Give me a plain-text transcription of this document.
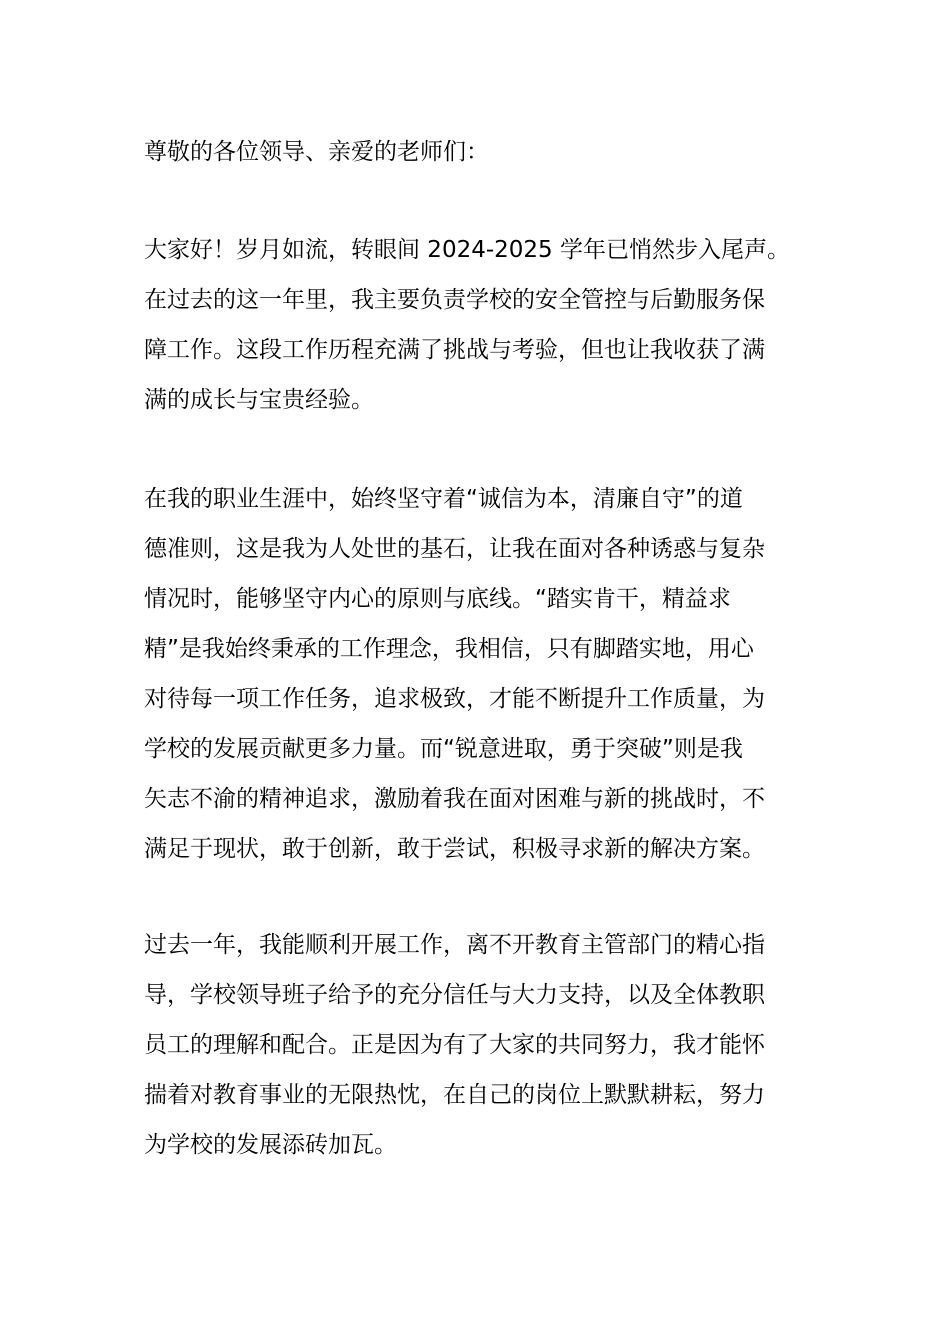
尊敬的各位领导、亲爱的老师们：
大家好！岁月如流，转眼间 2024-2025 学年已悄然步入尾声。
在过去的这一年里，我主要负责学校的安全管控与后勤服务保
障工作。这段工作历程充满了挑战与考验，但也让我收获了满
满的成长与宝贵经验。
在我的职业生涯中，始终坚守着“诚信为本，清廉自守”的道
德准则，这是我为人处世的基石，让我在面对各种诱惑与复杂
情况时，能够坚守内心的原则与底线。“踏实肯干，精益求
精”是我始终秉承的工作理念，我相信，只有脚踏实地，用心
对待每一项工作任务，追求极致，才能不断提升工作质量，为
学校的发展贡献更多力量。而“锐意进取，勇于突破”则是我
矢志不渝的精神追求，激励着我在面对困难与新的挑战时，不
满足于现状，敢于创新，敢于尝试，积极寻求新的解决方案。
过去一年，我能顺利开展工作，离不开教育主管部门的精心指
导，学校领导班子给予的充分信任与大力支持，以及全体教职
员工的理解和配合。正是因为有了大家的共同努力，我才能怀
揣着对教育事业的无限热忱，在自己的岗位上默默耕耘，努力
为学校的发展添砖加瓦。
